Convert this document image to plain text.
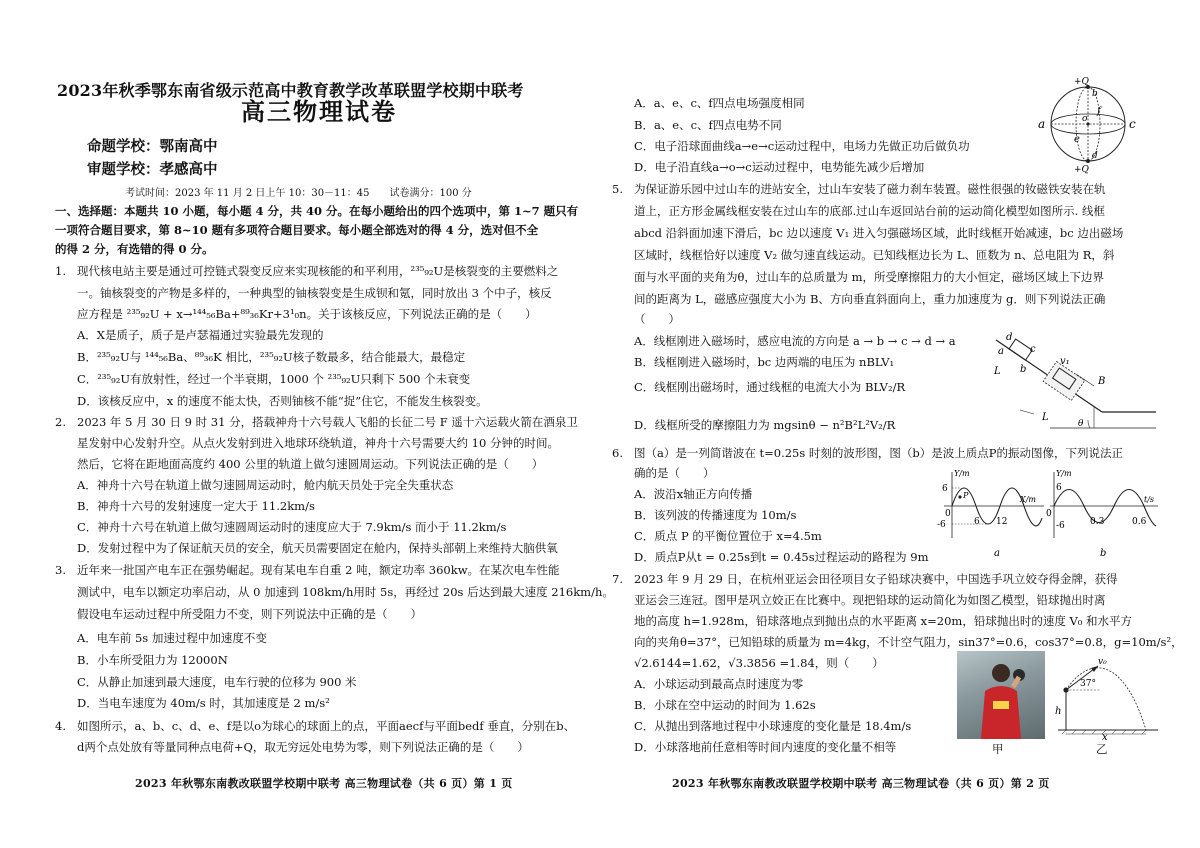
2023年秋季鄂东南省级示范高中教育教学改革联盟学校期中联考
高三物理试卷
命题学校：鄂南高中
审题学校：孝感高中
考试时间：2023 年 11 月 2 日上午 10：30－11：45　　试卷满分：100 分
一、选择题：本题共 10 小题，每小题 4 分，共 40 分。在每小题给出的四个选项中，第 1~7 题只有
一项符合题目要求，第 8~10 题有多项符合题目要求。每小题全部选对的得 4 分，选对但不全
的得 2 分，有选错的得 0 分。
1. 现代核电站主要是通过可控链式裂变反应来实现核能的和平利用，²³⁵₉₂U是核裂变的主要燃料之
一。铀核裂变的产物是多样的，一种典型的铀核裂变是生成钡和氪，同时放出 3 个中子，核反
应方程是 ²³⁵₉₂U + x→¹⁴⁴₅₆Ba+⁸⁹₃₆Kr+3¹₀n。关于该核反应，下列说法正确的是（　　）
A．X是质子，质子是卢瑟福通过实验最先发现的
B．²³⁵₉₂U与 ¹⁴⁴₅₆Ba、⁸⁹₃₆K 相比，²³⁵₉₂U核子数最多，结合能最大，最稳定
C．²³⁵₉₂U有放射性，经过一个半衰期，1000 个 ²³⁵₉₂U只剩下 500 个未衰变
D．该核反应中，x 的速度不能太快，否则铀核不能“捉”住它，不能发生核裂变。
2. 2023 年 5 月 30 日 9 时 31 分，搭载神舟十六号载人飞船的长征二号 F 遥十六运载火箭在酒泉卫
星发射中心发射升空。从点火发射到进入地球环绕轨道，神舟十六号需要大约 10 分钟的时间。
然后，它将在距地面高度约 400 公里的轨道上做匀速圆周运动。下列说法正确的是（　　）
A．神舟十六号在轨道上做匀速圆周运动时，舱内航天员处于完全失重状态
B．神舟十六号的发射速度一定大于 11.2km/s
C．神舟十六号在轨道上做匀速圆周运动时的速度应大于 7.9km/s 而小于 11.2km/s
D．发射过程中为了保证航天员的安全，航天员需要固定在舱内，保持头部朝上来维持大脑供氧
3. 近年来一批国产电车正在强势崛起。现有某电车自重 2 吨，额定功率 360kw。在某次电车性能
测试中，电车以额定功率启动，从 0 加速到 108km/h用时 5s，再经过 20s 后达到最大速度 216km/h。
假设电车运动过程中所受阻力不变，则下列说法中正确的是（　　）
A．电车前 5s 加速过程中加速度不变
B．小车所受阻力为 12000N
C．从静止加速到最大速度，电车行驶的位移为 900 米
D．当电车速度为 40m/s 时，其加速度是 2 m/s²
4. 如图所示，a、b、c、d、e、f是以o为球心的球面上的点，平面aecf与平面bedf 垂直，分别在b、
d两个点处放有等量同种点电荷+Q，取无穷远处电势为零，则下列说法正确的是（　　）
2023 年秋鄂东南教改联盟学校期中联考 高三物理试卷（共 6 页）第 1 页
A．a、e、c、f四点电场强度相同
B．a、e、c、f四点电势不同
C．电子沿球面曲线a→e→c运动过程中，电场力先做正功后做负功
D．电子沿直线a→o→c运动过程中，电势能先减少后增加
+Q
+Q
a	c
o
e
f
b
d
5. 为保证游乐园中过山车的进站安全，过山车安装了磁力刹车装置。磁性很强的钕磁铁安装在轨
道上，正方形金属线框安装在过山车的底部.过山车返回站台前的运动简化模型如图所示. 线框
abcd 沿斜面加速下滑后，bc 边以速度 V₁ 进入匀强磁场区域，此时线框开始减速，bc 边出磁场
区域时，线框恰好以速度 V₂ 做匀速直线运动。已知线框边长为 L、匝数为 n、总电阻为 R，斜
面与水平面的夹角为θ，过山车的总质量为 m，所受摩擦阻力的大小恒定，磁场区域上下边界
间的距离为 L，磁感应强度大小为 B、方向垂直斜面向上，重力加速度为 g．则下列说法正确
（　　）
A．线框刚进入磁场时，感应电流的方向是 a → b → c → d → a
B．线框刚进入磁场时，bc 边两端的电压为 nBLV₁
C．线框刚出磁场时，通过线框的电流大小为 BLV₂/R
D．线框所受的摩擦阻力为 mgsinθ − n²B²L²V₂/R
d
a	c
b
L
v₁
B
L
θ
6. 图（a）是一列简谐波在 t=0.25s 时刻的波形图，图（b）是波上质点P的振动图像，下列说法正
确的是（　　）
A．波沿x轴正方向传播
B．该列波的传播速度为 10m/s
C．质点 P 的平衡位置位于 x=4.5m
D．质点P从t = 0.25s到t = 0.45s过程运动的路程为 9m
Y/m
X/m
6
-6
0
6 12
P
a
Y/m
t/s
6
-6
0
0.3	0.6
b
7. 2023 年 9 月 29 日，在杭州亚运会田径项目女子铅球决赛中，中国选手巩立姣夺得金牌，获得
亚运会三连冠。图甲是巩立姣正在比赛中。现把铅球的运动简化为如图乙模型，铅球抛出时离
地的高度 h=1.928m，铅球落地点到抛出点的水平距离 x=20m，铅球抛出时的速度 V₀ 和水平方
向的夹角θ=37°，已知铅球的质量为 m=4kg，不计空气阻力，sin37°=0.6，cos37°=0.8，g=10m/s²，
√2.6144=1.62，√3.3856 =1.84，则（　　）
A．小球运动到最高点时速度为零
B．小球在空中运动的时间为 1.62s
C．从抛出到落地过程中小球速度的变化量是 18.4m/s
D．小球落地前任意相等时间内速度的变化量不相等	甲
v₀
37°
h
x
乙
2023 年秋鄂东南教改联盟学校期中联考 高三物理试卷（共 6 页）第 2 页
